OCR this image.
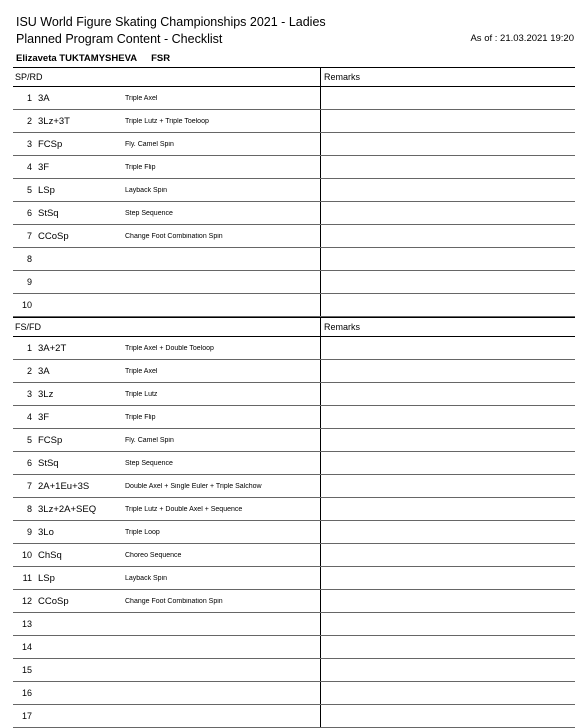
ISU World Figure Skating Championships 2021 - Ladies
Planned Program Content - Checklist	As of : 21.03.2021 19:20
Elizaveta TUKTAMYSHEVA FSR
SP/RD	Remarks
1 3A	Triple Axel
2 3Lz+3T	Triple Lutz + Triple Toeloop
3 FCSp	Fly. Camel Spin
4 3F	Triple Flip
5 LSp	Layback Spin
6 StSq	Step Sequence
7 CCoSp	Change Foot Combination Spin
8
9
10
FS/FD	Remarks
1 3A+2T	Triple Axel + Double Toeloop
2 3A	Triple Axel
3 3Lz	Triple Lutz
4 3F	Triple Flip
5 FCSp	Fly. Camel Spin
6 StSq	Step Sequence
7 2A+1Eu+3S	Double Axel + Single Euler + Triple Salchow
8 3Lz+2A+SEQ	Triple Lutz + Double Axel + Sequence
9 3Lo	Triple Loop
10 ChSq	Choreo Sequence
11 LSp	Layback Spin
12 CCoSp	Change Foot Combination Spin
13
14
15
16
17
